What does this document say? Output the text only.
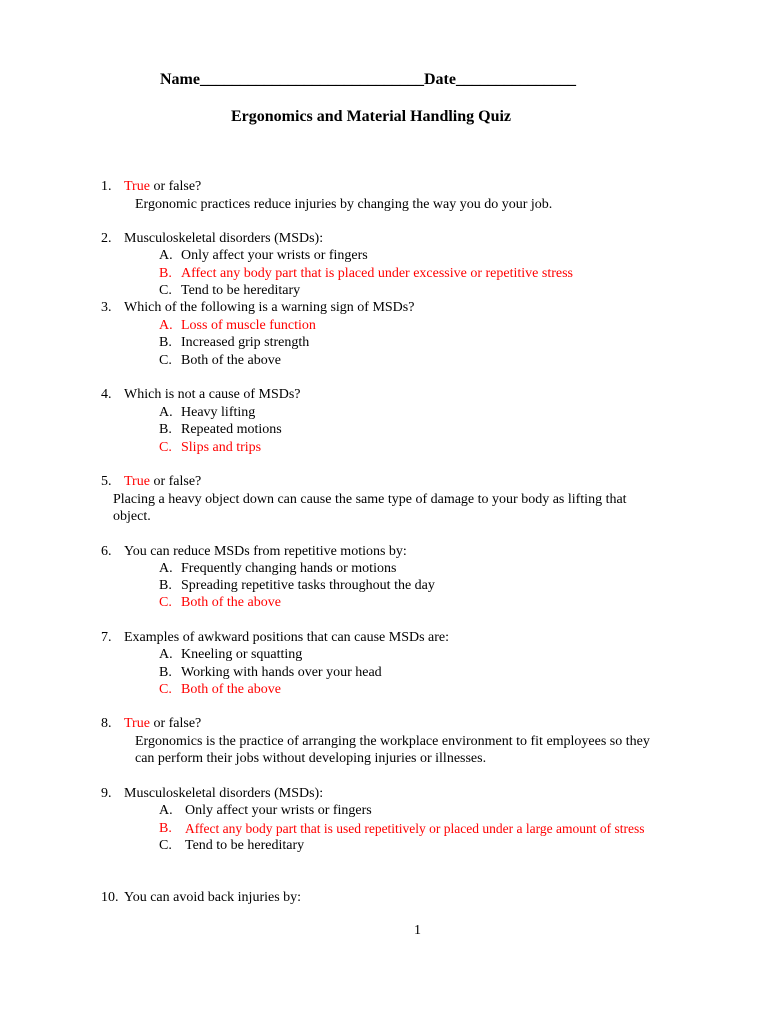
Name____________________________Date_______________
Ergonomics and Material Handling Quiz
1. True or false?
Ergonomic practices reduce injuries by changing the way you do your job.
2. Musculoskeletal disorders (MSDs):
A. Only affect your wrists or fingers
B. Affect any body part that is placed under excessive or repetitive stress
C. Tend to be hereditary
3. Which of the following is a warning sign of MSDs?
A. Loss of muscle function
B. Increased grip strength
C. Both of the above
4. Which is not a cause of MSDs?
A. Heavy lifting
B. Repeated motions
C. Slips and trips
5. True or false?
Placing a heavy object down can cause the same type of damage to your body as lifting that
object.
6. You can reduce MSDs from repetitive motions by:
A. Frequently changing hands or motions
B. Spreading repetitive tasks throughout the day
C. Both of the above
7. Examples of awkward positions that can cause MSDs are:
A. Kneeling or squatting
B. Working with hands over your head
C. Both of the above
8. True or false?
Ergonomics is the practice of arranging the workplace environment to fit employees so they
can perform their jobs without developing injuries or illnesses.
9. Musculoskeletal disorders (MSDs):
A. Only affect your wrists or fingers
B. Affect any body part that is used repetitively or placed under a large amount of stress
C. Tend to be hereditary
10. You can avoid back injuries by:
1
